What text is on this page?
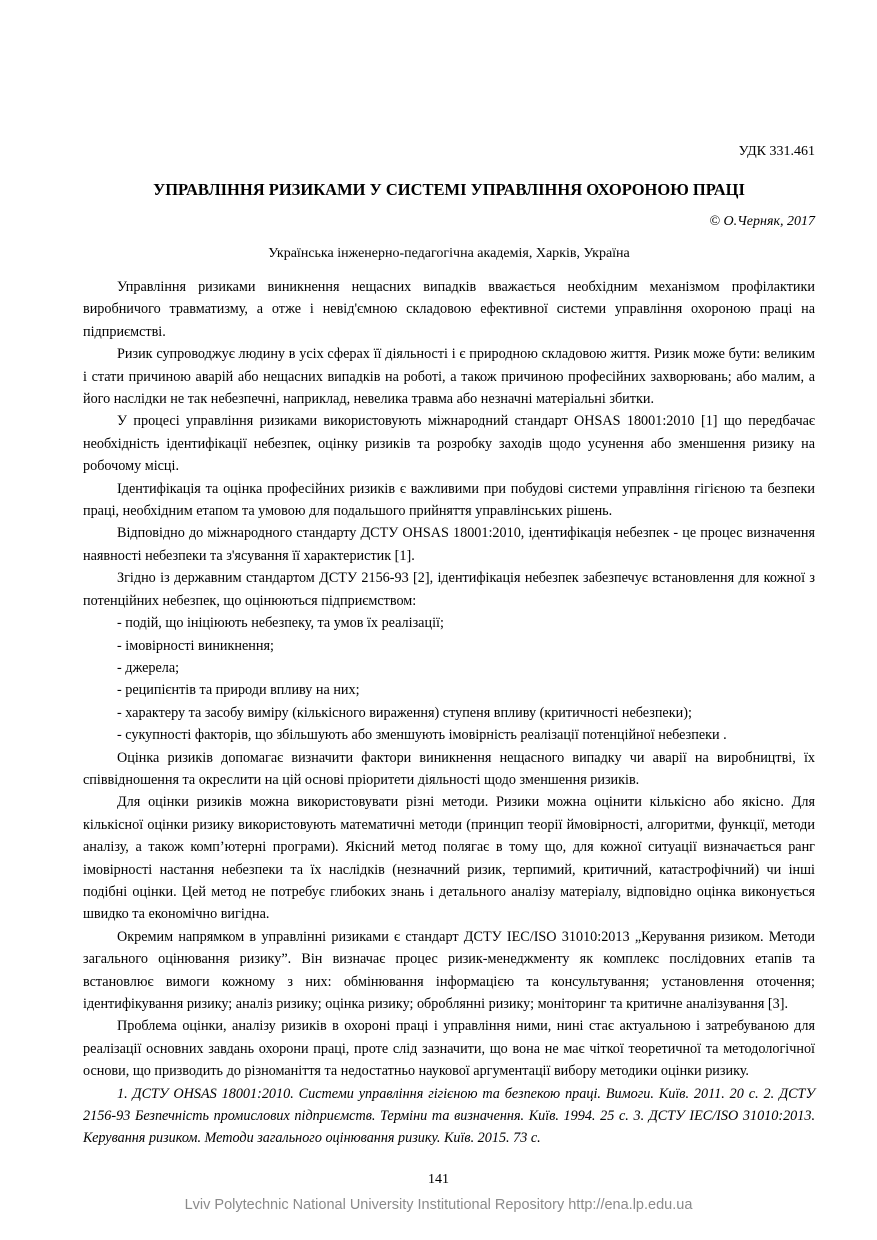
УДК 331.461
УПРАВЛІННЯ РИЗИКАМИ У СИСТЕМІ УПРАВЛІННЯ ОХОРОНОЮ ПРАЦІ
© О.Черняк, 2017
Українська інженерно-педагогічна академія, Харків, Україна

Управління ризиками виникнення нещасних випадків вважається необхідним механізмом профілактики виробничого травматизму, а отже і невід'ємною складовою ефективної системи управління охороною праці на підприємстві.

Ризик супроводжує людину в усіх сферах її діяльності і є природною складовою життя. Ризик може бути: великим і стати причиною аварій або нещасних випадків на роботі, а також причиною професійних захворювань; або малим, а його наслідки не так небезпечні, наприклад, невелика травма або незначні матеріальні збитки.

У процесі управління ризиками використовують міжнародний стандарт OHSAS 18001:2010 [1] що передбачає необхідність ідентифікації небезпек, оцінку ризиків та розробку заходів щодо усунення або зменшення ризику на робочому місці.

Ідентифікація та оцінка професійних ризиків є важливими при побудові системи управління гігієною та безпеки праці, необхідним етапом та умовою для подальшого прийняття управлінських рішень.

Відповідно до міжнародного стандарту ДСТУ OHSAS 18001:2010, ідентифікація небезпек - це процес визначення наявності небезпеки та з'ясування її характеристик [1].

Згідно із державним стандартом ДСТУ 2156-93 [2], ідентифікація небезпек забезпечує встановлення для кожної з потенційних небезпек, що оцінюються підприємством:

- подій, що ініціюють небезпеку, та умов їх реалізації;

- імовірності виникнення;

- джерела;

- реципієнтів та природи впливу на них;

- характеру та засобу виміру (кількісного вираження) ступеня впливу (критичності небезпеки);

- сукупності факторів, що збільшують або зменшують імовірність реалізації потенційної небезпеки .

Оцінка ризиків допомагає визначити фактори виникнення нещасного випадку чи аварії на виробництві, їх співвідношення та окреслити на цій основі пріоритети діяльності щодо зменшення ризиків.

Для оцінки ризиків можна використовувати різні методи. Ризики можна оцінити кількісно або якісно. Для кількісної оцінки ризику використовують математичні методи (принцип теорії ймовірності, алгоритми, функції, методи аналізу, а також комп’ютерні програми). Якісний метод полягає в тому що, для кожної ситуації визначається ранг імовірності настання небезпеки та їх наслідків (незначний ризик, терпимий, критичний, катастрофічний) чи інші подібні оцінки. Цей метод не потребує глибоких знань і детального аналізу матеріалу, відповідно оцінка виконується швидко та економічно вигідна.

Окремим напрямком в управлінні ризиками є стандарт ДСТУ IEC/ISO 31010:2013 „Керування ризиком. Методи загального оцінювання ризику”. Він визначає процес ризик-менеджменту як комплекс послідовних етапів та встановлює вимоги кожному з них: обмінювання інформацією та консультування; установлення оточення; ідентифікування ризику; аналіз ризику; оцінка ризику; оброблянні ризику; моніторинг та критичне аналізування [3].

Проблема оцінки, аналізу ризиків в охороні праці і управління ними, нині стає актуальною і затребуваною для реалізації основних завдань охорони праці, проте слід зазначити, що вона не має чіткої теоретичної та методологічної основи, що призводить до різноманіття та недостатньо наукової аргументації вибору методики оцінки ризику.

1. ДСТУ OHSAS 18001:2010. Системи управління гігієною та безпекою праці. Вимоги. Київ. 2011. 20 с. 2. ДСТУ 2156-93 Безпечність промислових підприємств. Терміни та визначення. Київ. 1994. 25 с. 3. ДСТУ IEC/ISO 31010:2013. Керування ризиком. Методи загального оцінювання ризику. Київ. 2015. 73 с.

141
Lviv Polytechnic National University Institutional Repository http://ena.lp.edu.ua
